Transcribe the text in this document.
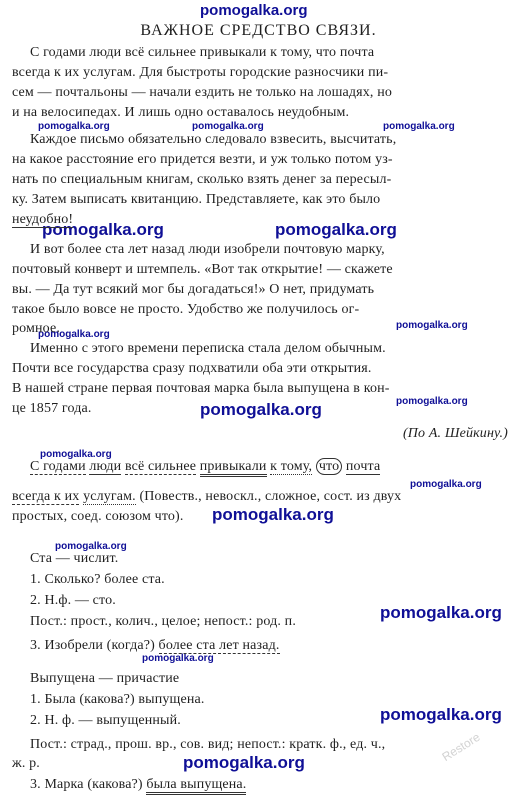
pomogalka.org
pomogalka.org	pomogalka.org	pomogalka.org
pomogalka.org	pomogalka.org
pomogalka.org
pomogalka.org
pomogalka.org
pomogalka.org
pomogalka.org
pomogalka.org
pomogalka.org
pomogalka.org
pomogalka.org
pomogalka.org
pomogalka.org
pomogalka.org	Restore
ВАЖНОЕ СРЕДСТВО СВЯЗИ.
С годами люди всё сильнее привыкали к тому, что почта
всегда к их услугам. Для быстроты городские разносчики пи-
сем — почтальоны — начали ездить не только на лошадях, но
и на велосипедах. И лишь одно оставалось неудобным.
Каждое письмо обязательно следовало взвесить, высчитать,
на какое расстояние его придется везти, и уж только потом уз-
нать по специальным книгам, сколько взять денег за пересыл-
ку. Затем выписать квитанцию. Представляете, как это было
неудобно!
И вот более ста лет назад люди изобрели почтовую марку,
почтовый конверт и штемпель. «Вот так открытие! — скажете
вы. — Да тут всякий мог бы догадаться!» О нет, придумать
такое было вовсе не просто. Удобство же получилось ог-
ромное.
Именно с этого времени переписка стала делом обычным.
Почти все государства сразу подхватили оба эти открытия.
В нашей стране первая почтовая марка была выпущена в кон-
це 1857 года.
(По А. Шейкину.)
С годами люди всё сильнее привыкали к тому, что почта
всегда к их услугам. (Повеств., невоскл., сложное, сост. из двух
простых, соед. союзом что).
Ста — числит.
1. Сколько? более ста.
2. Н.ф. — сто.
Пост.: прост., колич., целое; непост.: род. п.
3. Изобрели (когда?) более ста лет назад.
Выпущена — причастие
1. Была (какова?) выпущена.
2. Н. ф. — выпущенный.
Пост.: страд., прош. вр., сов. вид; непост.: кратк. ф., ед. ч.,
ж. р.
3. Марка (какова?) была выпущена.
